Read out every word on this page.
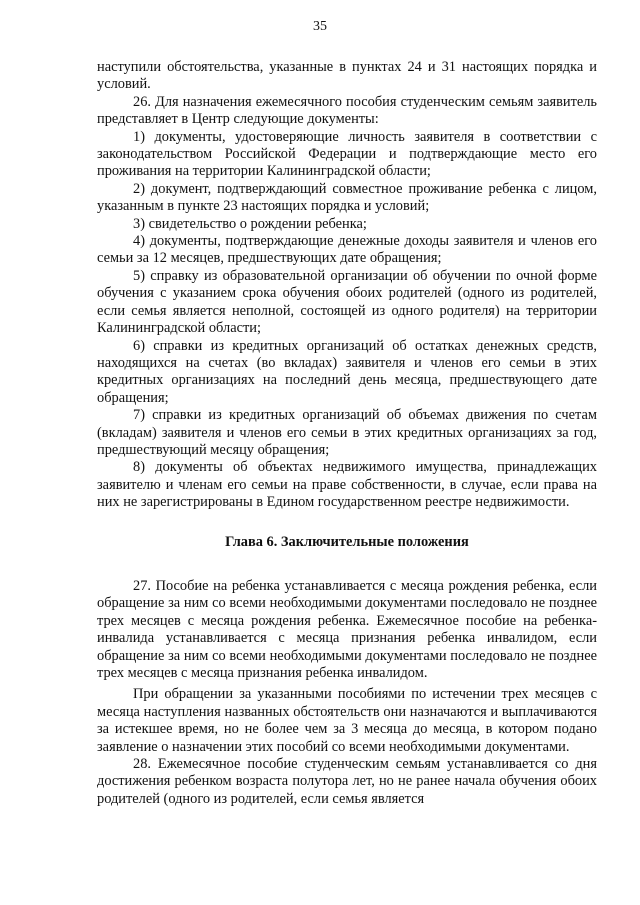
35

наступили обстоятельства, указанные в пунктах 24 и 31 настоящих порядка и условий.

26. Для назначения ежемесячного пособия студенческим семьям заявитель представляет в Центр следующие документы:

1) документы, удостоверяющие личность заявителя в соответствии с законодательством Российской Федерации и подтверждающие место его проживания на территории Калининградской области;

2) документ, подтверждающий совместное проживание ребенка с лицом, указанным в пункте 23 настоящих порядка и условий;

3) свидетельство о рождении ребенка;

4) документы, подтверждающие денежные доходы заявителя и членов его семьи за 12 месяцев, предшествующих дате обращения;

5) справку из образовательной организации об обучении по очной форме обучения с указанием срока обучения обоих родителей (одного из родителей, если семья является неполной, состоящей из одного родителя) на территории Калининградской области;

6) справки из кредитных организаций об остатках денежных средств, находящихся на счетах (во вкладах) заявителя и членов его семьи в этих кредитных организациях на последний день месяца, предшествующего дате обращения;

7) справки из кредитных организаций об объемах движения по счетам (вкладам) заявителя и членов его семьи в этих кредитных организациях за год, предшествующий месяцу обращения;

8) документы об объектах недвижимого имущества, принадлежащих заявителю и членам его семьи на праве собственности, в случае, если права на них не зарегистрированы в Едином государственном реестре недвижимости.

Глава 6. Заключительные положения

27. Пособие на ребенка устанавливается с месяца рождения ребенка, если обращение за ним со всеми необходимыми документами последовало не позднее трех месяцев с месяца рождения ребенка. Ежемесячное пособие на ребенка-инвалида устанавливается с месяца признания ребенка инвалидом, если обращение за ним со всеми необходимыми документами последовало не позднее трех месяцев с месяца признания ребенка инвалидом.

При обращении за указанными пособиями по истечении трех месяцев с месяца наступления названных обстоятельств они назначаются и выплачиваются за истекшее время, но не более чем за 3 месяца до месяца, в котором подано заявление о назначении этих пособий со всеми необходимыми документами.

28. Ежемесячное пособие студенческим семьям устанавливается со дня достижения ребенком возраста полутора лет, но не ранее начала обучения обоих родителей (одного из родителей, если семья является
